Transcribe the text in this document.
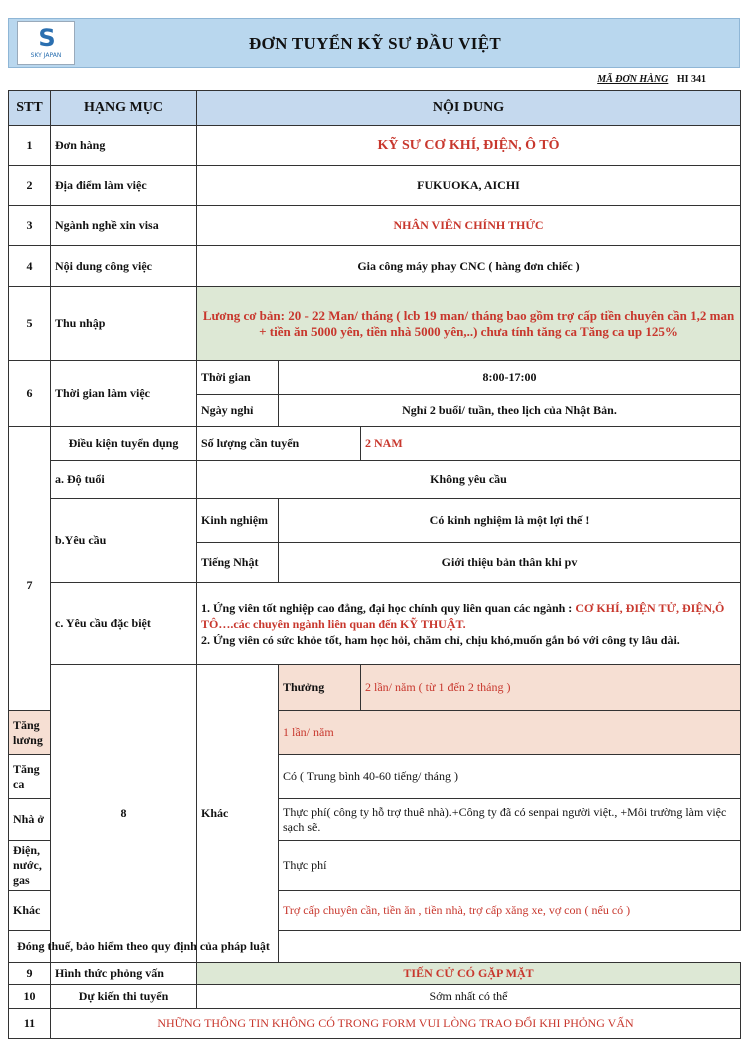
S
SKY JAPAN
ĐƠN TUYỂN KỸ SƯ ĐẦU VIỆT
MÃ ĐƠN HÀNG HI 341
STT	HẠNG MỤC	NỘI DUNG		
1	Đơn hàng	KỸ SƯ CƠ KHÍ, ĐIỆN, Ô TÔ		
2	Địa điểm làm việc	FUKUOKA, AICHI		
3	Ngành nghề xin visa	NHÂN VIÊN CHÍNH THỨC		
4	Nội dung công việc	Gia công máy phay CNC ( hàng đơn chiếc )		
5	Thu nhập	Lương cơ bản: 20 - 22 Man/ tháng ( lcb 19 man/ tháng bao gồm trợ cấp tiền chuyên cần 1,2 man + tiền ăn 5000 yên, tiền nhà 5000 yên,..) chưa tính tăng ca Tăng ca up 125%		
6	Thời gian làm việc	Thời gian	8:00-17:00	
		Ngày nghỉ	Nghỉ 2 buổi/ tuần, theo lịch của Nhật Bản.	
	Điều kiện tuyển dụng	Số lượng cần tuyển		2 NAM
7	a. Độ tuổi	Không yêu cầu		
	b.Yêu cầu	Kinh nghiệm	Có kinh nghiệm là một lợi thế !	
		Tiếng Nhật	Giới thiệu bản thân khi pv	
	c. Yêu cầu đặc biệt	1. Ứng viên tốt nghiệp cao đẳng, đại học chính quy liên quan các ngành : CƠ KHÍ, ĐIỆN TỬ, ĐIỆN,Ô TÔ….các chuyên ngành liên quan đến KỸ THUẬT.
2. Ứng viên có sức khỏe tốt, ham học hỏi, chăm chỉ, chịu khó,muốn gắn bó với công ty lâu dài.		
	8	Khác	Thưởng	2 lần/ năm ( từ 1 đến 2 tháng )
Tăng lương			1 lần/ năm	
Tăng ca			Có ( Trung bình 40-60 tiếng/ tháng )	
Nhà ở			Thực phí( công ty hỗ trợ thuê nhà).+Công ty đã có senpai người việt., +Môi trường làm việc sạch sẽ.	
Điện, nước, gas			Thực phí	
Khác			Trợ cấp chuyên cần, tiền ăn , tiền nhà, trợ cấp xăng xe, vợ con ( nếu có )	
Đóng thuế, bảo hiểm theo quy định của pháp luật				
9	Hình thức phỏng vấn	TIẾN CỬ CÓ GẶP MẶT		
10	Dự kiến thi tuyển	Sớm nhất có thể		
11	NHỮNG THÔNG TIN KHÔNG CÓ TRONG FORM VUI LÒNG TRAO ĐỔI KHI PHỎNG VẤN			
